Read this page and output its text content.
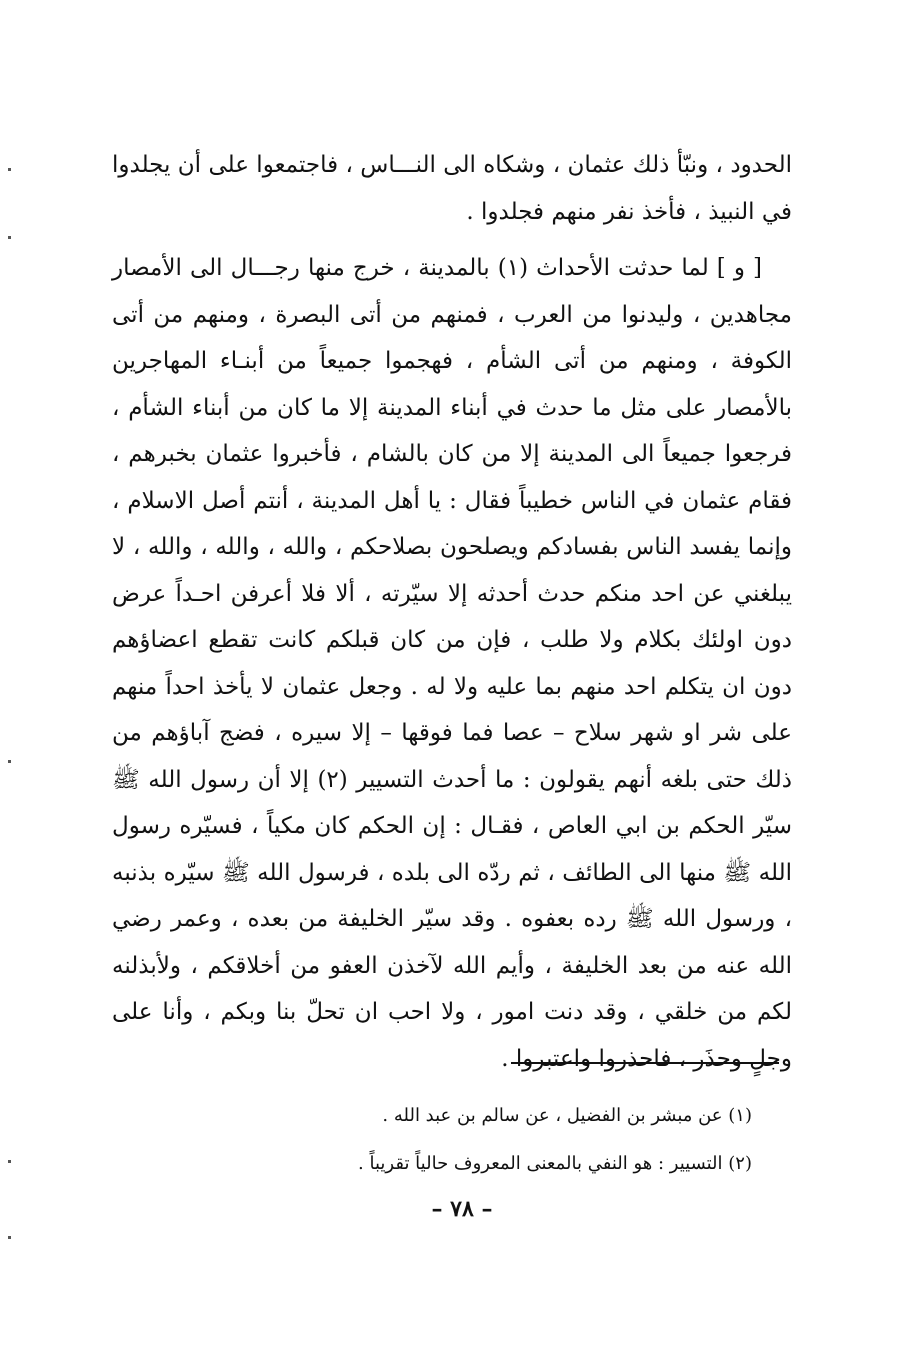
الحدود ، ونبّأ ذلك عثمان ، وشكاه الى النـــاس ، فاجتمعوا على أن يجلدوا في النبيذ ، فأخذ نفر منهم فجلدوا .

[ و ] لما حدثت الأحداث (١) بالمدينة ، خرج منها رجـــال الى الأمصار مجاهدين ، وليدنوا من العرب ، فمنهم من أتى البصرة ، ومنهم من أتى الكوفة ، ومنهم من أتى الشأم ، فهجموا جميعاً من أبنـاء المهاجرين بالأمصار على مثل ما حدث في أبناء المدينة إلا ما كان من أبناء الشأم ، فرجعوا جميعاً الى المدينة إلا من كان بالشام ، فأخبروا عثمان بخبرهم ، فقام عثمان في الناس خطيباً فقال : يا أهل المدينة ، أنتم أصل الاسلام ، وإنما يفسد الناس بفسادكم ويصلحون بصلاحكم ، والله ، والله ، والله ، لا يبلغني عن احد منكم حدث أحدثه إلا سيّرته ، ألا فلا أعرفن احـداً عرض دون اولئك بكلام ولا طلب ، فإن من كان قبلكم كانت تقطع اعضاؤهم دون ان يتكلم احد منهم بما عليه ولا له . وجعل عثمان لا يأخذ احداً منهم على شر او شهر سلاح – عصا فما فوقها – إلا سيره ، فضج آباؤهم من ذلك حتى بلغه أنهم يقولون : ما أحدث التسيير (٢) إلا أن رسول الله ﷺ سيّر الحكم بن ابي العاص ، فقـال : إن الحكم كان مكياً ، فسيّره رسول الله ﷺ منها الى الطائف ، ثم ردّه الى بلده ، فرسول الله ﷺ سيّره بذنبه ، ورسول الله ﷺ رده بعفوه . وقد سيّر الخليفة من بعده ، وعمر رضي الله عنه من بعد الخليفة ، وأيم الله لآخذن العفو من أخلاقكم ، ولأبذلنه لكم من خلقي ، وقد دنت امور ، ولا احب ان تحلّ بنا وبكم ، وأنا على وجلٍ وحذَر ، فاحذروا واعتبروا .

(١) عن مبشر بن الفضيل ، عن سالم بن عبد الله .
(٢) التسيير : هو النفي بالمعنى المعروف حالياً تقريباً .
– ٧٨ –
